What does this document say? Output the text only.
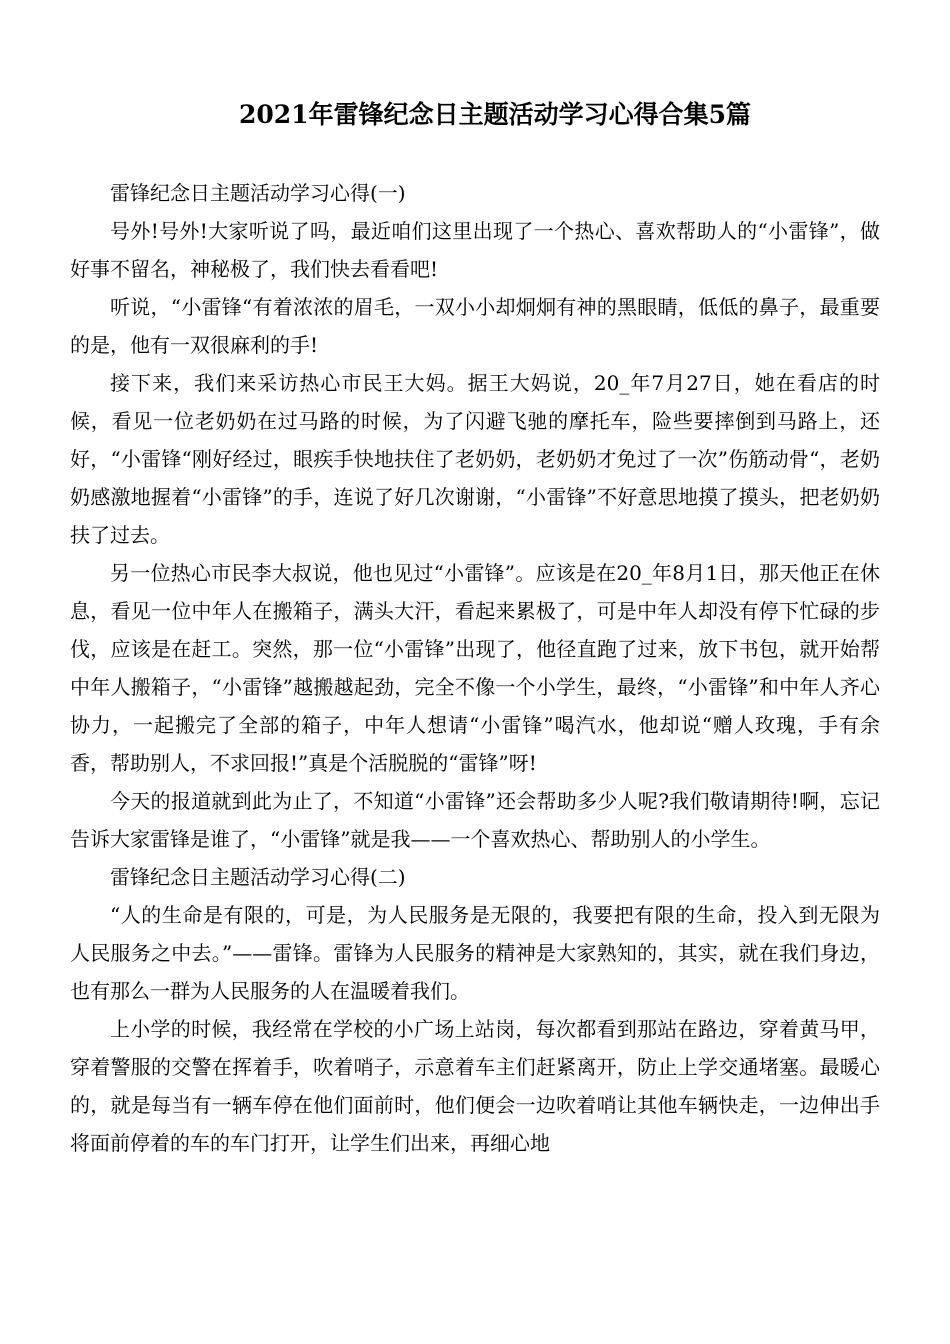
2021年雷锋纪念日主题活动学习心得合集5篇

雷锋纪念日主题活动学习心得(一)

号外!号外!大家听说了吗，最近咱们这里出现了一个热心、喜欢帮助人的“小雷锋”，做好事不留名，神秘极了，我们快去看看吧!

听说，“小雷锋“有着浓浓的眉毛，一双小小却炯炯有神的黑眼睛，低低的鼻子，最重要的是，他有一双很麻利的手!

接下来，我们来采访热心市民王大妈。据王大妈说，20_年7月27日，她在看店的时候，看见一位老奶奶在过马路的时候，为了闪避飞驰的摩托车，险些要摔倒到马路上，还好，“小雷锋“刚好经过，眼疾手快地扶住了老奶奶，老奶奶才免过了一次”伤筋动骨“，老奶奶感激地握着“小雷锋”的手，连说了好几次谢谢，“小雷锋”不好意思地摸了摸头，把老奶奶扶了过去。

另一位热心市民李大叔说，他也见过“小雷锋”。应该是在20_年8月1日，那天他正在休息，看见一位中年人在搬箱子，满头大汗，看起来累极了，可是中年人却没有停下忙碌的步伐，应该是在赶工。突然，那一位“小雷锋”出现了，他径直跑了过来，放下书包，就开始帮中年人搬箱子，“小雷锋”越搬越起劲，完全不像一个小学生，最终，“小雷锋”和中年人齐心协力，一起搬完了全部的箱子，中年人想请“小雷锋”喝汽水，他却说“赠人玫瑰，手有余香，帮助别人，不求回报!”真是个活脱脱的“雷锋”呀!

今天的报道就到此为止了，不知道“小雷锋”还会帮助多少人呢?我们敬请期待!啊，忘记告诉大家雷锋是谁了，“小雷锋”就是我——一个喜欢热心、帮助别人的小学生。

雷锋纪念日主题活动学习心得(二)

“人的生命是有限的，可是，为人民服务是无限的，我要把有限的生命，投入到无限为人民服务之中去。”——雷锋。雷锋为人民服务的精神是大家熟知的，其实，就在我们身边，也有那么一群为人民服务的人在温暖着我们。

上小学的时候，我经常在学校的小广场上站岗，每次都看到那站在路边，穿着黄马甲，穿着警服的交警在挥着手，吹着哨子，示意着车主们赶紧离开，防止上学交通堵塞。最暖心的，就是每当有一辆车停在他们面前时，他们便会一边吹着哨让其他车辆快走，一边伸出手将面前停着的车的车门打开，让学生们出来，再细心地
